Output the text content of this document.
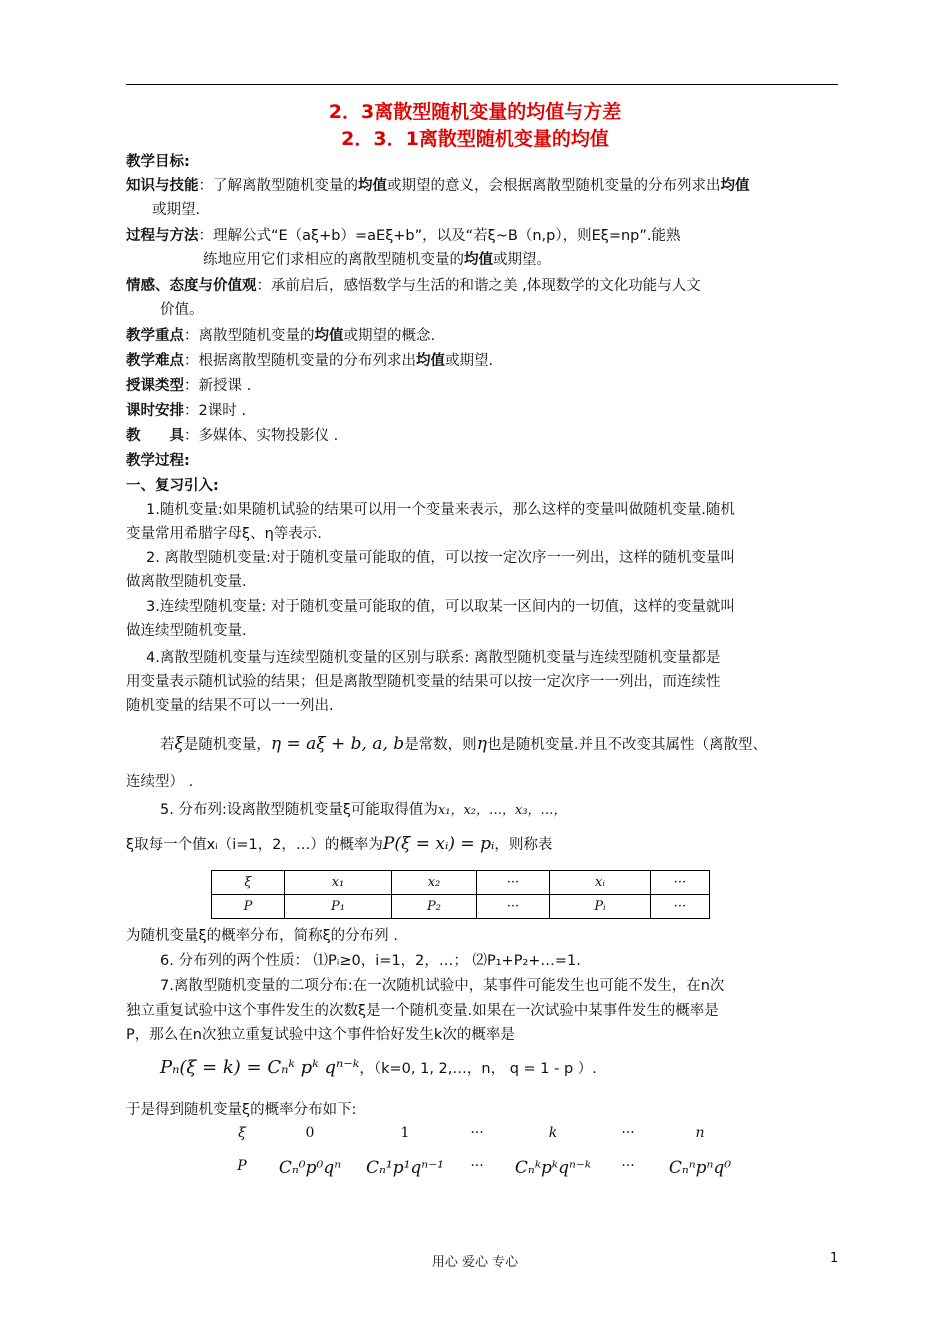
2．3离散型随机变量的均值与方差
2．3．1离散型随机变量的均值
教学目标:
知识与技能：了解离散型随机变量的均值或期望的意义，会根据离散型随机变量的分布列求出均值
或期望.
过程与方法：理解公式“E（aξ+b）=aEξ+b”，以及“若ξ~B（n,p），则Eξ=np”.能熟
练地应用它们求相应的离散型随机变量的均值或期望。
情感、态度与价值观：承前启后，感悟数学与生活的和谐之美 ,体现数学的文化功能与人文
价值。
教学重点：离散型随机变量的均值或期望的概念.
教学难点：根据离散型随机变量的分布列求出均值或期望.
授课类型：新授课 .
课时安排：2课时 .
教　　具：多媒体、实物投影仪 .
教学过程:
一、复习引入:
1.随机变量:如果随机试验的结果可以用一个变量来表示，那么这样的变量叫做随机变量.随机
变量常用希腊字母ξ、η等表示.
2. 离散型随机变量:对于随机变量可能取的值，可以按一定次序一一列出，这样的随机变量叫
做离散型随机变量.
3.连续型随机变量: 对于随机变量可能取的值，可以取某一区间内的一切值，这样的变量就叫
做连续型随机变量.
4.离散型随机变量与连续型随机变量的区别与联系: 离散型随机变量与连续型随机变量都是
用变量表示随机试验的结果；但是离散型随机变量的结果可以按一定次序一一列出，而连续性
随机变量的结果不可以一一列出.
若ξ是随机变量，η = aξ + b, a, b是常数，则η也是随机变量.并且不改变其属性（离散型、
连续型） .
5. 分布列:设离散型随机变量ξ可能取得值为x₁，x₂，…，x₃，…，
ξ取每一个值xᵢ（i=1，2，…）的概率为P(ξ = xᵢ) = pᵢ，则称表
ξ	x₁	x₂	···	xᵢ	···
P	P₁	P₂	···	Pᵢ	···
为随机变量ξ的概率分布，简称ξ的分布列 .
6. 分布列的两个性质： ⑴Pᵢ≥0，i=1，2，…； ⑵P₁+P₂+…=1.
7.离散型随机变量的二项分布:在一次随机试验中，某事件可能发生也可能不发生，在n次
独立重复试验中这个事件发生的次数ξ是一个随机变量.如果在一次试验中某事件发生的概率是
P，那么在n次独立重复试验中这个事件恰好发生k次的概率是
Pₙ(ξ = k) = Cₙᵏ pᵏ qⁿ⁻ᵏ，（k=0, 1, 2,…，n， q = 1 - p ）.
于是得到随机变量ξ的概率分布如下:
ξ	0	1	···	k	···	n
P Cₙ⁰p⁰qⁿ Cₙ¹p¹qⁿ⁻¹ ··· Cₙᵏpᵏqⁿ⁻ᵏ ··· Cₙⁿpⁿq⁰
用心 爱心 专心	1
